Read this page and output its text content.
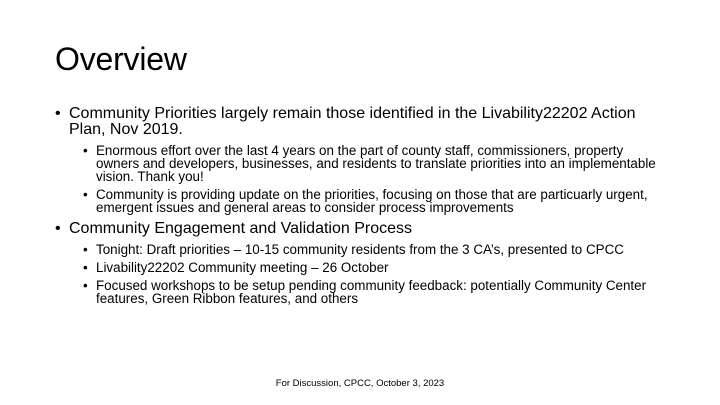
Overview
• Community Priorities largely remain those identified in the Livability22202 Action Plan, Nov 2019.
• Enormous effort over the last 4 years on the part of county staff, commissioners, property owners and developers, businesses, and residents to translate priorities into an implementable vision. Thank you!
• Community is providing update on the priorities, focusing on those that are particuarly urgent, emergent issues and general areas to consider process improvements
• Community Engagement and Validation Process
• Tonight: Draft priorities – 10-15 community residents from the 3 CA’s, presented to CPCC
• Livability22202 Community meeting – 26 October
• Focused workshops to be setup pending community feedback: potentially Community Center features, Green Ribbon features, and others
For Discussion, CPCC, October 3, 2023
